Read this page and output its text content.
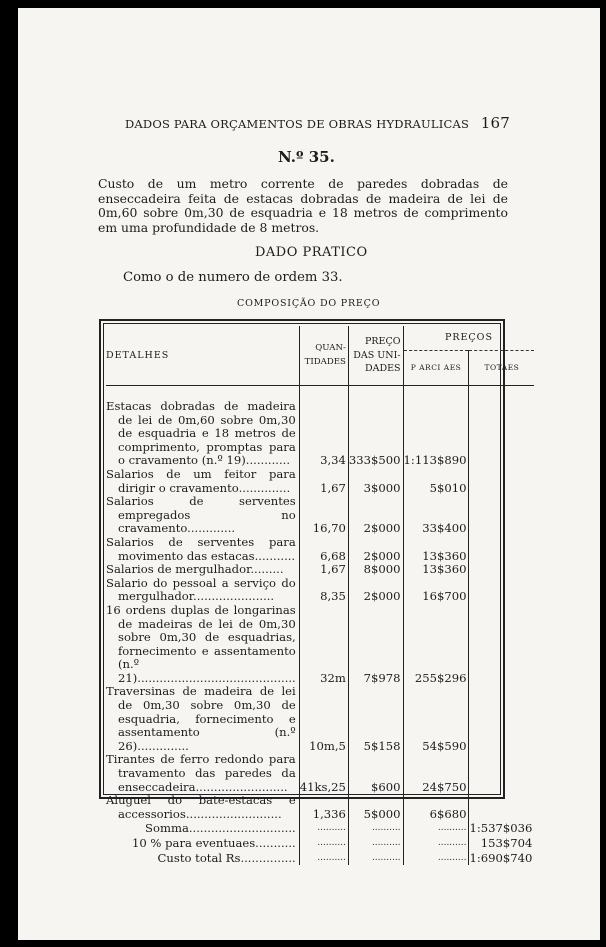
DADOS PARA ORÇAMENTOS DE OBRAS HYDRAULICAS 167
N.º 35.
Custo de um metro corrente de paredes dobradas de enseccadeira feita de estacas dobradas de madeira de lei de 0m,60 sobre 0m,30 de esquadria e 18 metros de comprimento em uma profundidade de 8 metros.
DADO PRATICO
Como o de numero de ordem 33.
COMPOSIÇÃO DO PREÇO
DETALHES	QUAN-TIDADES	PREÇO DAS UNI-DADES	PREÇOS	
			P ARCI AES	TOTAES

Estacas dobradas de madeira de lei de 0m,60 sobre 0m,30 de esquadria e 18 metros de comprimento, promptas para o cravamento (n.º 19)............	3,34	333$500	1:113$890	
Salarios de um feitor para dirigir o cravamento..............	1,67	3$000	5$010	
Salarios de serventes empregados no cravamento.............	16,70	2$000	33$400	
Salarios de serventes para movimento das estacas...........	6,68	2$000	13$360	
Salarios de mergulhador.........	1,67	8$000	13$360	
Salario do pessoal a serviço do mergulhador......................	8,35	2$000	16$700	
16 ordens duplas de longarinas de madeiras de lei de 0m,30 sobre 0m,30 de esquadrias, fornecimento e assentamento (n.º 21)...........................................	32m	7$978	255$296	
Traversinas de madeira de lei de 0m,30 sobre 0m,30 de esquadria, fornecimento e assentamento (n.º 26)..............	10m,5	5$158	54$590	
Tirantes de ferro redondo para travamento das paredes da enseccadeira.........................	41ks,25	$600	24$750	
Aluguel do bate-estacas e accessorios..........................	1,336	5$000	6$680	
Somma.............................	..........	..........	..........	1:537$036
10 % para eventuaes...........	..........	..........	..........	153$704
Custo total Rs...............	..........	..........	..........	1:690$740
